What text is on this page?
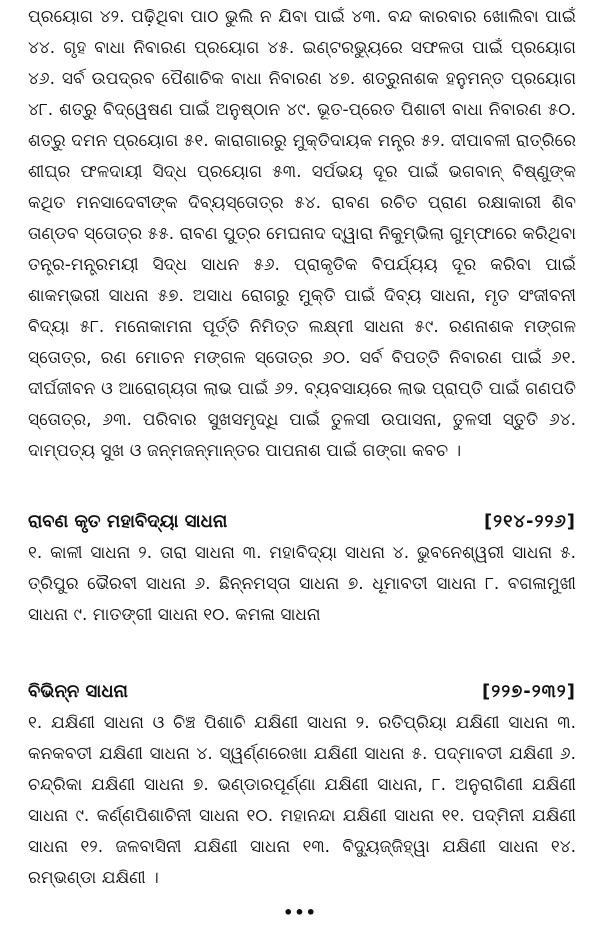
ପ୍ରୟୋଗ ୪୨. ପଢ଼ିଥିବା ପାଠ ଭୁଲି ନ ଯିବା ପାଇଁ ୪୩. ବନ୍ଦ କାରବାର ଖୋଲିବା ପାଇଁ ୪୪. ଗୃହ ବାଧା ନିବାରଣ ପ୍ରୟୋଗ ୪୫. ଇଣ୍ଟରଭ୍ୟୁରେ ସଫଳତା ପାଇଁ ପ୍ରୟୋଗ ୪୬. ସର୍ବ ଉପଦ୍ରବ ପୈଶାଚିକ ବାଧା ନିବାରଣ ୪୭. ଶତ୍ରୁନାଶକ ହନୁମନ୍ତ ପ୍ରୟୋଗ ୪୮. ଶତ୍ରୁ ବିଦ୍ୱେଷଣ ପାଇଁ ଅନୁଷ୍ଠାନ ୪୯. ଭୂତ-ପ୍ରେତ ପିଶାଚୀ ବାଧା ନିବାରଣ ୫୦. ଶତ୍ରୁ ଦମନ ପ୍ରୟୋଗ ୫୧. କାରାଗାରରୁ ମୁକ୍ତିଦାୟକ ମନ୍ତ୍ର ୫୨. ଦୀପାବଳୀ ରାତ୍ରିରେ ଶୀଘ୍ର ଫଳଦାୟୀ ସିଦ୍ଧ ପ୍ରୟୋଗ ୫୩. ସର୍ପଭୟ ଦୂର ପାଇଁ ଭଗବାନ୍ ବିଷ୍ଣୁଙ୍କ କଥିତ ମନସାଦେବୀଙ୍କ ଦିବ୍ୟସ୍ତୋତ୍ର ୫୪. ରାବଣ ରଚିତ ପ୍ରାଣ ରକ୍ଷାକାରୀ ଶିବ ତାଣ୍ଡବ ସ୍ତୋତ୍ର ୫୫. ରାବଣ ପୁତ୍ର ମେଘନାଦ ଦ୍ୱାରା ନିକୁମ୍ଭିଲା ଗୁମ୍ଫାରେ କରିଥିବା ତନ୍ତ୍ର-ମନ୍ତ୍ରମୟୀ ସିଦ୍ଧ ସାଧନ ୫୬. ପ୍ରାକୃତିକ ବିପର୍ଯ୍ୟୟ ଦୂର କରିବା ପାଇଁ ଶାକମ୍ଭରୀ ସାଧନା ୫୭. ଅସାଧ ରୋଗରୁ ମୁକ୍ତି ପାଇଁ ଦିବ୍ୟ ସାଧନା, ମୃତ ସଂଜୀବନୀ ବିଦ୍ୟା ୫୮. ମନୋକାମନା ପୂର୍ତ୍ତି ନିମିତ୍ତ ଲକ୍ଷ୍ମୀ ସାଧନା ୫୯. ରଣନାଶକ ମଙ୍ଗଳ ସ୍ତୋତ୍ର, ରଣ ମୋଚନ ମଙ୍ଗଳ ସ୍ତୋତ୍ର ୬୦. ସର୍ବ ବିପତ୍ତି ନିବାରଣ ପାଇଁ ୬୧. ଦୀର୍ଘଜୀବନ ଓ ଆରୋଗ୍ୟତା ଲାଭ ପାଇଁ ୬୨. ବ୍ୟବସାୟରେ ଲାଭ ପ୍ରାପ୍ତି ପାଇଁ ଗଣପତି ସ୍ତୋତ୍ର, ୬୩. ପରିବାର ସୁଖସମୃଦ୍ଧି ପାଇଁ ତୁଳସୀ ଉପାସନା, ତୁଳସୀ ସ୍ତୁତି ୬୪. ଦାମ୍ପତ୍ୟ ସୁଖ ଓ ଜନ୍ମଜନ୍ମାନ୍ତର ପାପନାଶ ପାଇଁ ଗଙ୍ଗା କବଚ ।

ରାବଣ କୃତ ମହାବିଦ୍ୟା ସାଧନା	[୨୧୪-୨୨୬]

୧. କାଳୀ ସାଧନା ୨. ତାରା ସାଧନା ୩. ମହାବିଦ୍ୟା ସାଧନା ୪. ଭୁବନେଶ୍ୱରୀ ସାଧନା ୫. ତ୍ରିପୁର ଭୈରବୀ ସାଧନା ୬. ଛିନ୍ନମସ୍ତା ସାଧନା ୭. ଧୂମାବତୀ ସାଧନା ୮. ବଗଳାମୁଖୀ ସାଧନା ୯. ମାତଙ୍ଗୀ ସାଧନା ୧୦. କମଳା ସାଧନା

ବିଭିନ୍ନ ସାଧନା	[୨୨୭-୨୩୨]

୧. ଯକ୍ଷିଣୀ ସାଧନା ଓ ଚିଞ୍ଚ ପିଶାଚି ଯକ୍ଷିଣୀ ସାଧନା ୨. ରତିପ୍ରିୟା ଯକ୍ଷିଣୀ ସାଧନା ୩. କନକବତୀ ଯକ୍ଷିଣୀ ସାଧନା ୪. ସ୍ୱର୍ଣ୍ଣରେଖା ଯକ୍ଷିଣୀ ସାଧନା ୫. ପଦ୍ମାବତୀ ଯକ୍ଷିଣୀ ୬. ଚନ୍ଦ୍ରିକା ଯକ୍ଷିଣୀ ସାଧନା ୭. ଭଣ୍ଡାରପୂର୍ଣ୍ଣା ଯକ୍ଷିଣୀ ସାଧନା, ୮. ଅନୁରାଗିଣୀ ଯକ୍ଷିଣୀ ସାଧନା ୯. କର୍ଣ୍ଣପିଶାଚିନୀ ସାଧନା ୧୦. ମହାନନ୍ଦା ଯକ୍ଷିଣୀ ସାଧନା ୧୧. ପଦ୍ମିନୀ ଯକ୍ଷିଣୀ ସାଧନା ୧୨. ଜଳବାସିନୀ ଯକ୍ଷିଣୀ ସାଧନା ୧୩. ବିଦ୍ୟୁଜ୍ଜିହ୍ୱା ଯକ୍ଷିଣୀ ସାଧନା ୧୪. ରମ୍ଭଣ୍ଡା ଯକ୍ଷିଣୀ ।

•••
